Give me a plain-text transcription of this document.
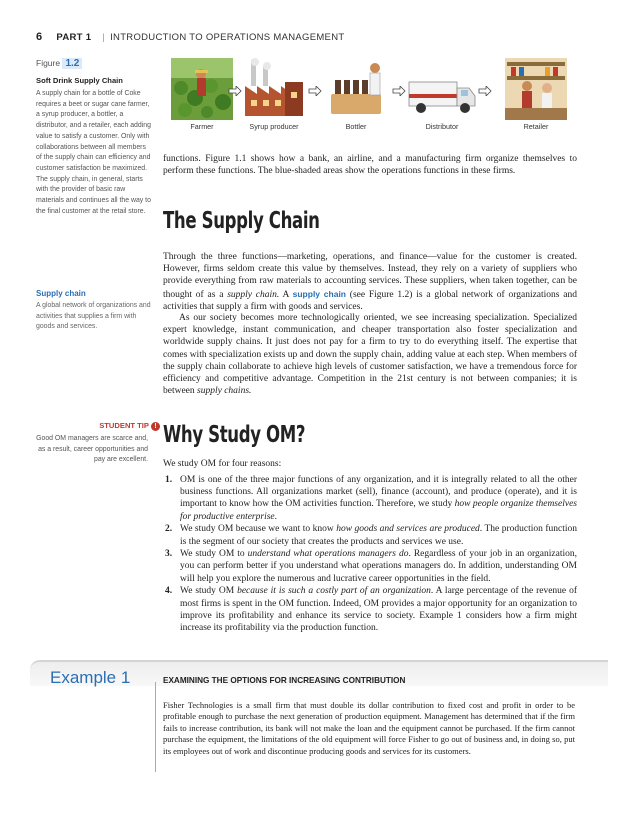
6 PART 1 | INTRODUCTION TO OPERATIONS MANAGEMENT
Figure 1.2
Soft Drink Supply Chain
A supply chain for a bottle of Coke requires a beet or sugar cane farmer, a syrup producer, a bottler, a distributor, and a retailer, each adding value to satisfy a customer. Only with collaborations between all members of the supply chain can efficiency and customer satisfaction be maximized. The supply chain, in general, starts with the provider of basic raw materials and continues all the way to the final customer at the retail store.
Farmer	Syrup producer	Bottler	Distributor	Retailer
functions. Figure 1.1 shows how a bank, an airline, and a manufacturing firm organize themselves to perform these functions. The blue-shaded areas show the operations functions in these firms.
The Supply Chain
Through the three functions—marketing, operations, and finance—value for the customer is created. However, firms seldom create this value by themselves. Instead, they rely on a variety of suppliers who provide everything from raw materials to accounting services. These suppliers, when taken together, can be thought of as a supply chain. A supply chain (see Figure 1.2) is a global network of organizations and activities that supply a firm with goods and services.
As our society becomes more technologically oriented, we see increasing specialization. Specialized expert knowledge, instant communication, and cheaper transportation also foster specialization and worldwide supply chains. It just does not pay for a firm to try to do everything itself. The expertise that comes with specialization exists up and down the supply chain, adding value at each step. When members of the supply chain collaborate to achieve high levels of customer satisfaction, we have a tremendous force for efficiency and competitive advantage. Competition in the 21st century is not between companies; it is between supply chains.
Supply chain
A global network of organizations and activities that supplies a firm with goods and services.
STUDENT TIP !
Good OM managers are scarce and, as a result, career opportunities and pay are excellent.
Why Study OM?
We study OM for four reasons:
1. OM is one of the three major functions of any organization, and it is integrally related to all the other business functions. All organizations market (sell), finance (account), and produce (operate), and it is important to know how the OM activities function. Therefore, we study how people organize themselves for productive enterprise.
2. We study OM because we want to know how goods and services are produced. The production function is the segment of our society that creates the products and services we use.
3. We study OM to understand what operations managers do. Regardless of your job in an organization, you can perform better if you understand what operations managers do. In addition, understanding OM will help you explore the numerous and lucrative career opportunities in the field.
4. We study OM because it is such a costly part of an organization. A large percentage of the revenue of most firms is spent in the OM function. Indeed, OM provides a major opportunity for an organization to improve its profitability and enhance its service to society. Example 1 considers how a firm might increase its profitability via the production function.
Example 1	EXAMINING THE OPTIONS FOR INCREASING CONTRIBUTION
Fisher Technologies is a small firm that must double its dollar contribution to fixed cost and profit in order to be profitable enough to purchase the next generation of production equipment. Management has determined that if the firm fails to increase contribution, its bank will not make the loan and the equipment cannot be purchased. If the firm cannot purchase the equipment, the limitations of the old equipment will force Fisher to go out of business and, in doing so, put its employees out of work and discontinue producing goods and services for its customers.
